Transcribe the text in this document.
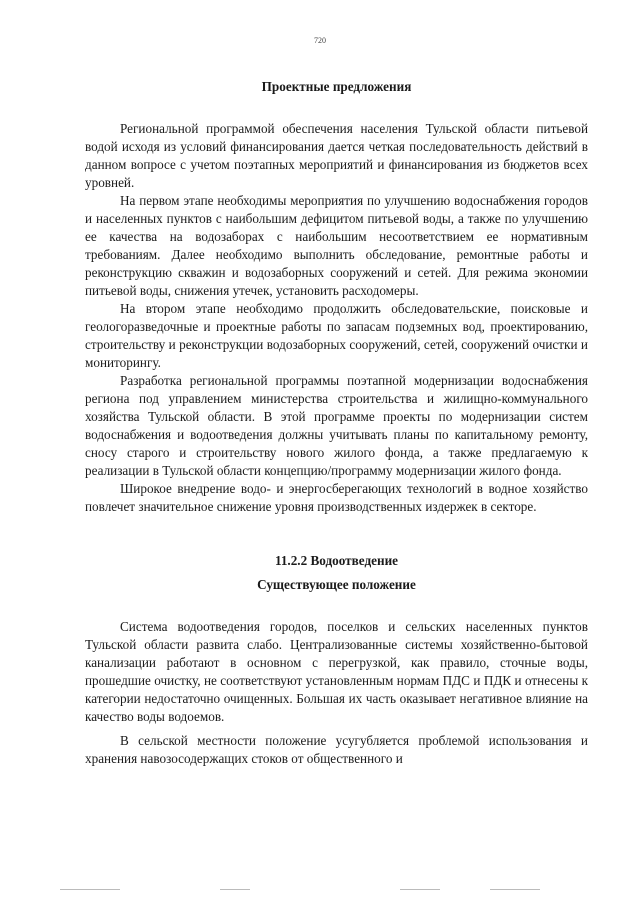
720

Проектные предложения

Региональной программой обеспечения населения Тульской области питьевой водой исходя из условий финансирования дается четкая последовательность действий в данном вопросе с учетом поэтапных мероприятий и финансирования из бюджетов всех уровней.

На первом этапе необходимы мероприятия по улучшению водоснабжения городов и населенных пунктов с наибольшим дефицитом питьевой воды, а также по улучшению ее качества на водозаборах с наибольшим несоответствием ее нормативным требованиям. Далее необходимо выполнить обследование, ремонтные работы и реконструкцию скважин и водозаборных сооружений и сетей. Для режима экономии питьевой воды, снижения утечек, установить расходомеры.

На втором этапе необходимо продолжить обследовательские, поисковые и геологоразведочные и проектные работы по запасам подземных вод, проектированию, строительству и реконструкции водозаборных сооружений, сетей, сооружений очистки и мониторингу.

Разработка региональной программы поэтапной модернизации водоснабжения региона под управлением министерства строительства и жилищно-коммунального хозяйства Тульской области. В этой программе проекты по модернизации систем водоснабжения и водоотведения должны учитывать планы по капитальному ремонту, сносу старого и строительству нового жилого фонда, а также предлагаемую к реализации в Тульской области концепцию/программу модернизации жилого фонда.

Широкое внедрение водо- и энергосберегающих технологий в водное хозяйство повлечет значительное снижение уровня производственных издержек в секторе.

11.2.2 Водоотведение

Существующее положение

Система водоотведения городов, поселков и сельских населенных пунктов Тульской области развита слабо. Централизованные системы хозяйственно-бытовой канализации работают в основном с перегрузкой, как правило, сточные воды, прошедшие очистку, не соответствуют установленным нормам ПДС и ПДК и отнесены к категории недостаточно очищенных. Большая их часть оказывает негативное влияние на качество воды водоемов.

В сельской местности положение усугубляется проблемой использования и хранения навозосодержащих стоков от общественного и
